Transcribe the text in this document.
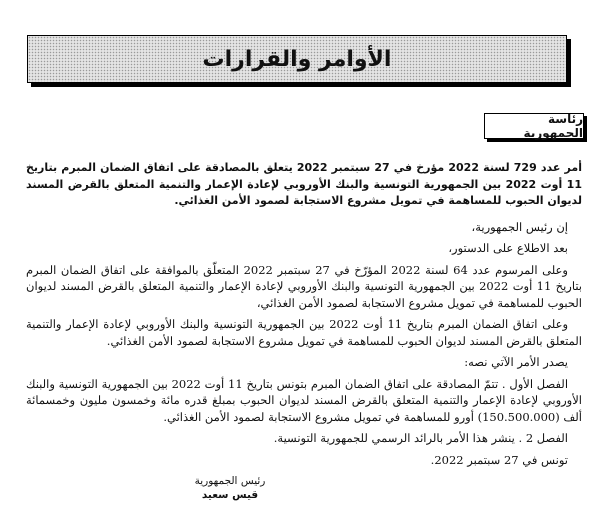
الأوامر والقرارات
رئاسة الجمهورية

أمر عدد 729 لسنة 2022 مؤرخ في 27 سبتمبر 2022 يتعلق بالمصادقة على اتفاق الضمان المبرم بتاريخ 11 أوت 2022 بين الجمهورية التونسية والبنك الأوروبي لإعادة الإعمار والتنمية المتعلق بالقرض المسند لديوان الحبوب للمساهمة في تمويل مشروع الاستجابة لصمود الأمن الغذائي.

إن رئيس الجمهورية،

بعد الاطلاع على الدستور،

وعلى المرسوم عدد 64 لسنة 2022 المؤرّخ في 27 سبتمبر 2022 المتعلّق بالموافقة على اتفاق الضمان المبرم بتاريخ 11 أوت 2022 بين الجمهورية التونسية والبنك الأوروبي لإعادة الإعمار والتنمية المتعلق بالقرض المسند لديوان الحبوب للمساهمة في تمويل مشروع الاستجابة لصمود الأمن الغذائي،

وعلى اتفاق الضمان المبرم بتاريخ 11 أوت 2022 بين الجمهورية التونسية والبنك الأوروبي لإعادة الإعمار والتنمية المتعلق بالقرض المسند لديوان الحبوب للمساهمة في تمويل مشروع الاستجابة لصمود الأمن الغذائي.

يصدر الأمر الآتي نصه:

الفصل الأول . تتمّ المصادقة على اتفاق الضمان المبرم بتونس بتاريخ 11 أوت 2022 بين الجمهورية التونسية والبنك الأوروبي لإعادة الإعمار والتنمية المتعلق بالقرض المسند لديوان الحبوب بمبلغ قدره مائة وخمسون مليون وخمسمائة ألف (150.500.000) أورو للمساهمة في تمويل مشروع الاستجابة لصمود الأمن الغذائي.

الفصل 2 . ينشر هذا الأمر بالرائد الرسمي للجمهورية التونسية.

تونس في 27 سبتمبر 2022.

رئيس الجمهورية
قيس سعيد
